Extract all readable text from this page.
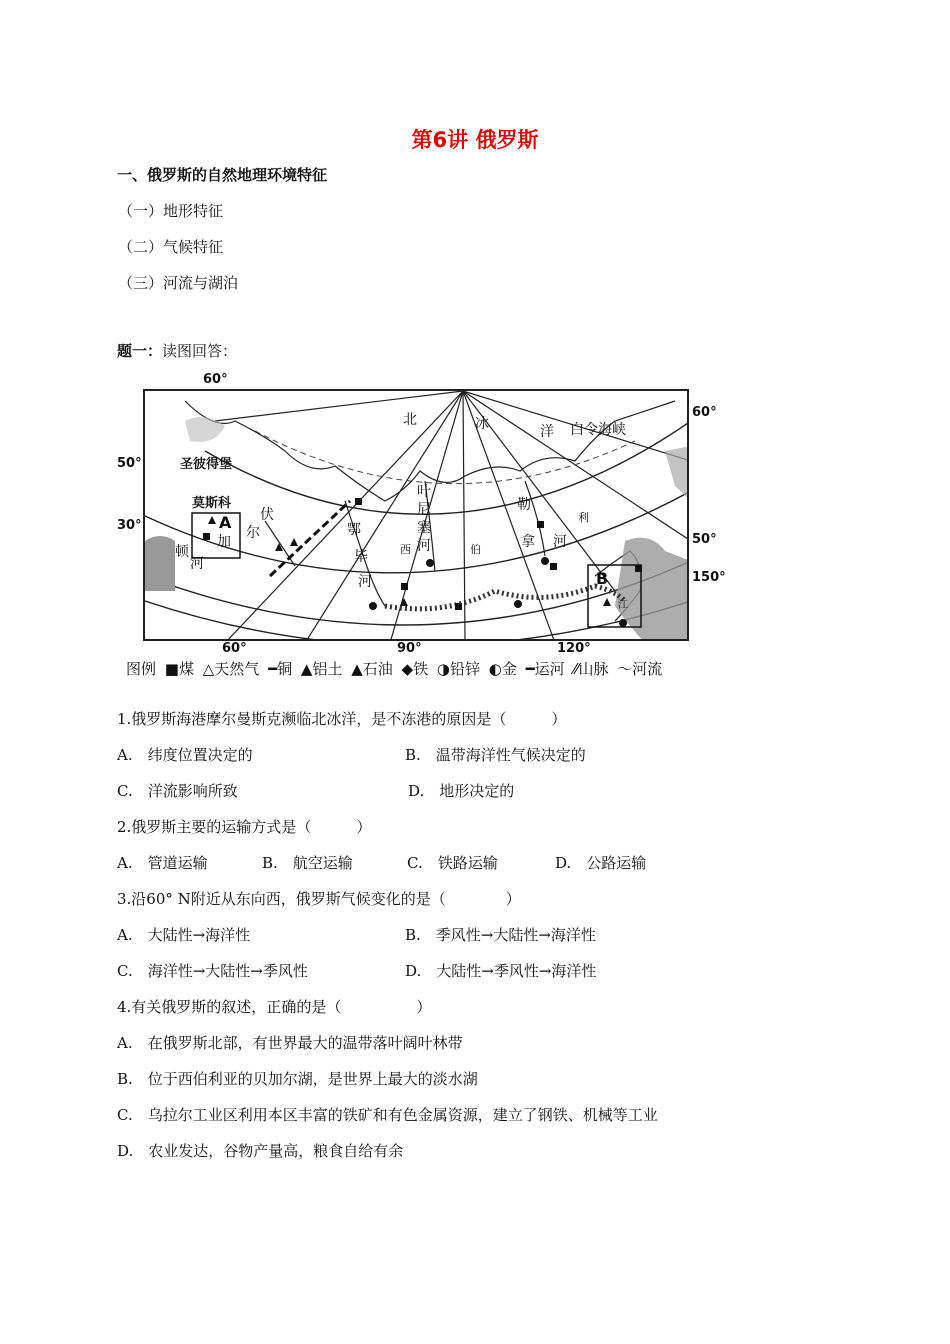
第6讲 俄罗斯
一、俄罗斯的自然地理环境特征
（一）地形特征
（二）气候特征
（三）河流与湖泊
题一：读图回答：
60°
50°
30°
60°
50°
150°
60°	90°	120°
北	冰	洋 白令海峡
圣彼得堡
莫斯科
A
B
伏
尔
加
顿
河
鄂
毕
河
叶
尼
塞
河
西	伯
勒
拿 河
利
江
图例 ■煤 △天然气 ━铜 ▲铝土 ▲石油 ◆铁 ◑铅锌 ◐金 ━运河 ⁄⁄山脉 〜河流
1.俄罗斯海港摩尔曼斯克濒临北冰洋，是不冻港的原因是（　　　）
A.　纬度位置决定的	B.　温带海洋性气候决定的
C.　洋流影响所致	D.　地形决定的
2.俄罗斯主要的运输方式是（　　　）
A.　管道运输	B.　航空运输	C.　铁路运输	D.　公路运输
3.沿60° N附近从东向西，俄罗斯气候变化的是（　　　　）
A.　大陆性→海洋性	B.　季风性→大陆性→海洋性
C.　海洋性→大陆性→季风性	D.　大陆性→季风性→海洋性
4.有关俄罗斯的叙述，正确的是（　　　　　）
A.　在俄罗斯北部，有世界最大的温带落叶阔叶林带
B.　位于西伯利亚的贝加尔湖，是世界上最大的淡水湖
C.　乌拉尔工业区利用本区丰富的铁矿和有色金属资源，建立了钢铁、机械等工业
D.　农业发达，谷物产量高，粮食自给有余
